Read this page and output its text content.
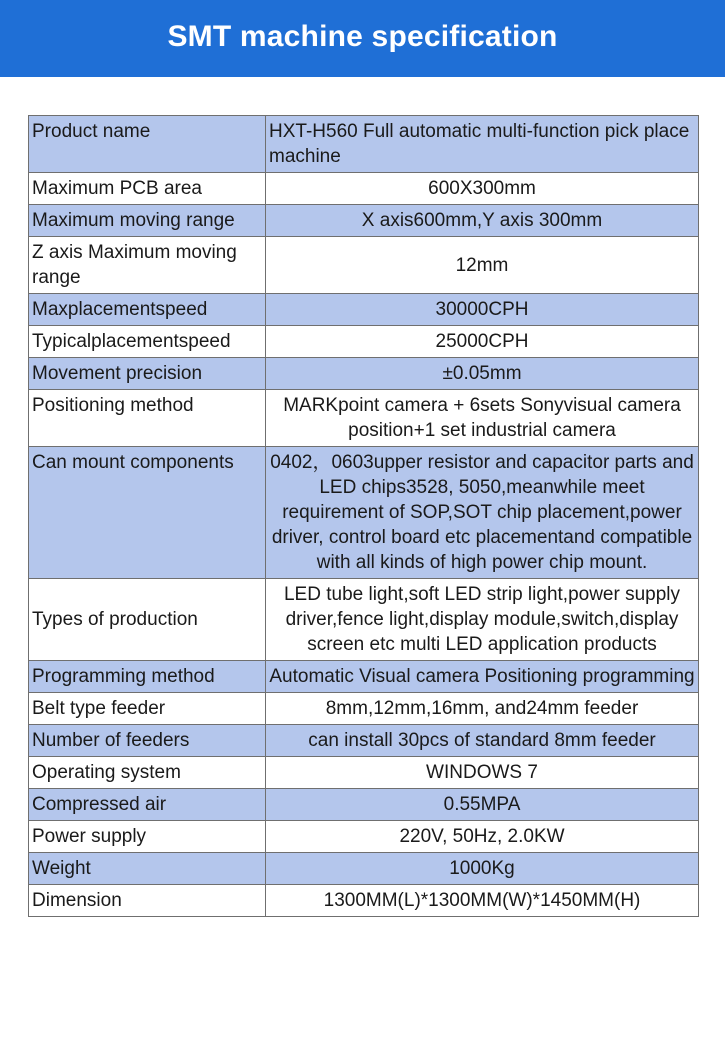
SMT machine specification
Product name	HXT-H560 Full automatic multi-function pick place machine
Maximum PCB area	600X300mm
Maximum moving range	X axis600mm,Y axis 300mm
Z axis Maximum moving range	12mm
Maxplacementspeed	30000CPH
Typicalplacementspeed	25000CPH
Movement precision	±0.05mm
Positioning method	MARKpoint camera + 6sets Sonyvisual camera position+1 set industrial camera
Can mount components	0402，0603upper resistor and capacitor parts and LED chips3528, 5050,meanwhile meet requirement of SOP,SOT chip placement,power driver, control board etc placementand compatible with all kinds of high power chip mount.
Types of production	LED tube light,soft LED strip light,power supply driver,fence light,display module,switch,display screen etc multi LED application products
Programming method	Automatic Visual camera Positioning programming
Belt type feeder	8mm,12mm,16mm, and24mm feeder
Number of feeders	can install 30pcs of standard 8mm feeder
Operating system	WINDOWS 7
Compressed air	0.55MPA
Power supply	220V, 50Hz, 2.0KW
Weight	1000Kg
Dimension	1300MM(L)*1300MM(W)*1450MM(H)
